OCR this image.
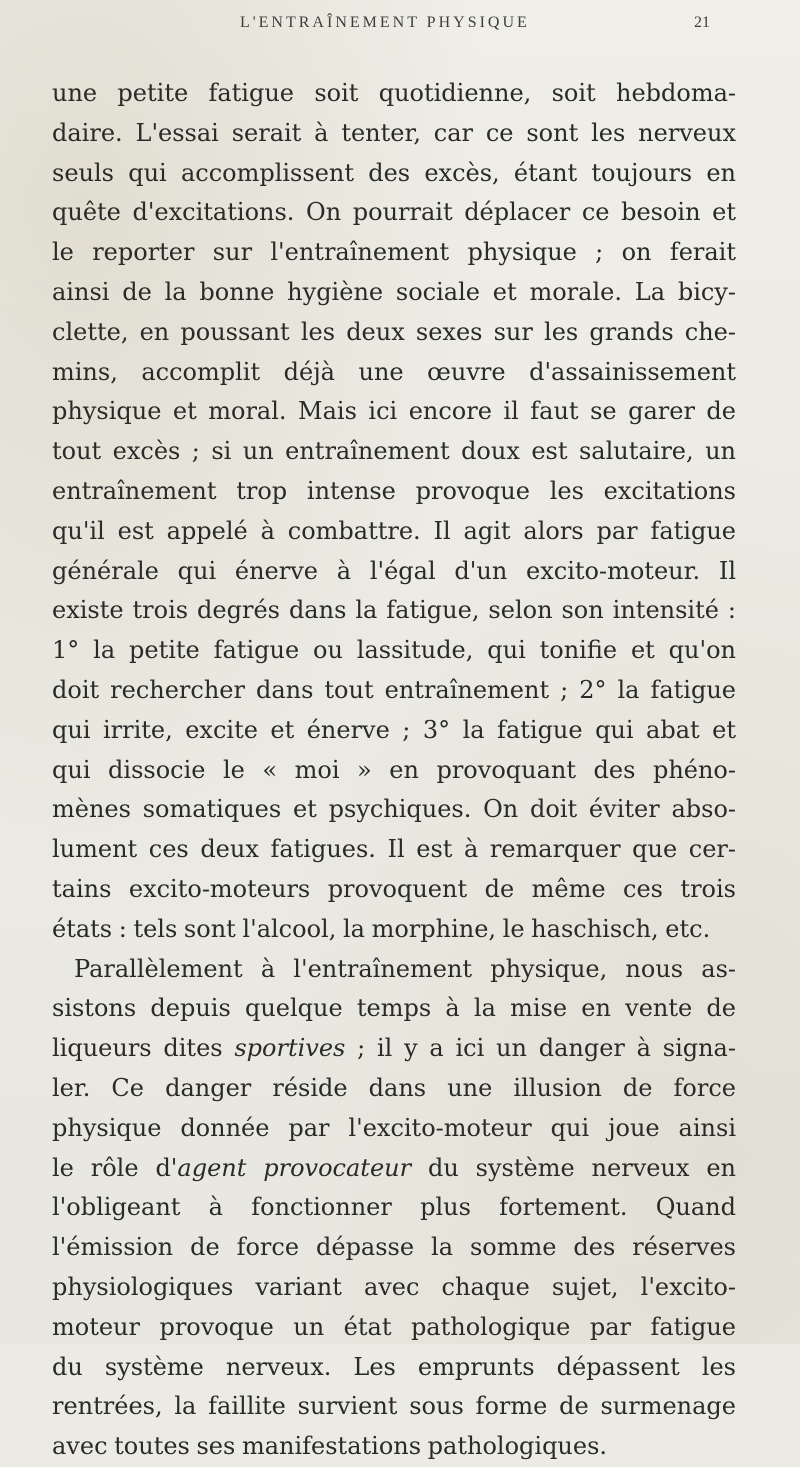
L'ENTRAÎNEMENT PHYSIQUE	21
une petite fatigue soit quotidienne, soit hebdoma-
daire. L'essai serait à tenter, car ce sont les nerveux
seuls qui accomplissent des excès, étant toujours en
quête d'excitations. On pourrait déplacer ce besoin et
le reporter sur l'entraînement physique ; on ferait
ainsi de la bonne hygiène sociale et morale. La bicy-
clette, en poussant les deux sexes sur les grands che-
mins, accomplit déjà une œuvre d'assainissement
physique et moral. Mais ici encore il faut se garer de
tout excès ; si un entraînement doux est salutaire, un
entraînement trop intense provoque les excitations
qu'il est appelé à combattre. Il agit alors par fatigue
générale qui énerve à l'égal d'un excito-moteur. Il
existe trois degrés dans la fatigue, selon son intensité :
1° la petite fatigue ou lassitude, qui tonifie et qu'on
doit rechercher dans tout entraînement ; 2° la fatigue
qui irrite, excite et énerve ; 3° la fatigue qui abat et
qui dissocie le « moi » en provoquant des phéno-
mènes somatiques et psychiques. On doit éviter abso-
lument ces deux fatigues. Il est à remarquer que cer-
tains excito-moteurs provoquent de même ces trois
états : tels sont l'alcool, la morphine, le haschisch, etc.
Parallèlement à l'entraînement physique, nous as-
sistons depuis quelque temps à la mise en vente de
liqueurs dites sportives ; il y a ici un danger à signa-
ler. Ce danger réside dans une illusion de force
physique donnée par l'excito-moteur qui joue ainsi
le rôle d'agent provocateur du système nerveux en
l'obligeant à fonctionner plus fortement. Quand
l'émission de force dépasse la somme des réserves
physiologiques variant avec chaque sujet, l'excito-
moteur provoque un état pathologique par fatigue
du système nerveux. Les emprunts dépassent les
rentrées, la faillite survient sous forme de surmenage
avec toutes ses manifestations pathologiques.
